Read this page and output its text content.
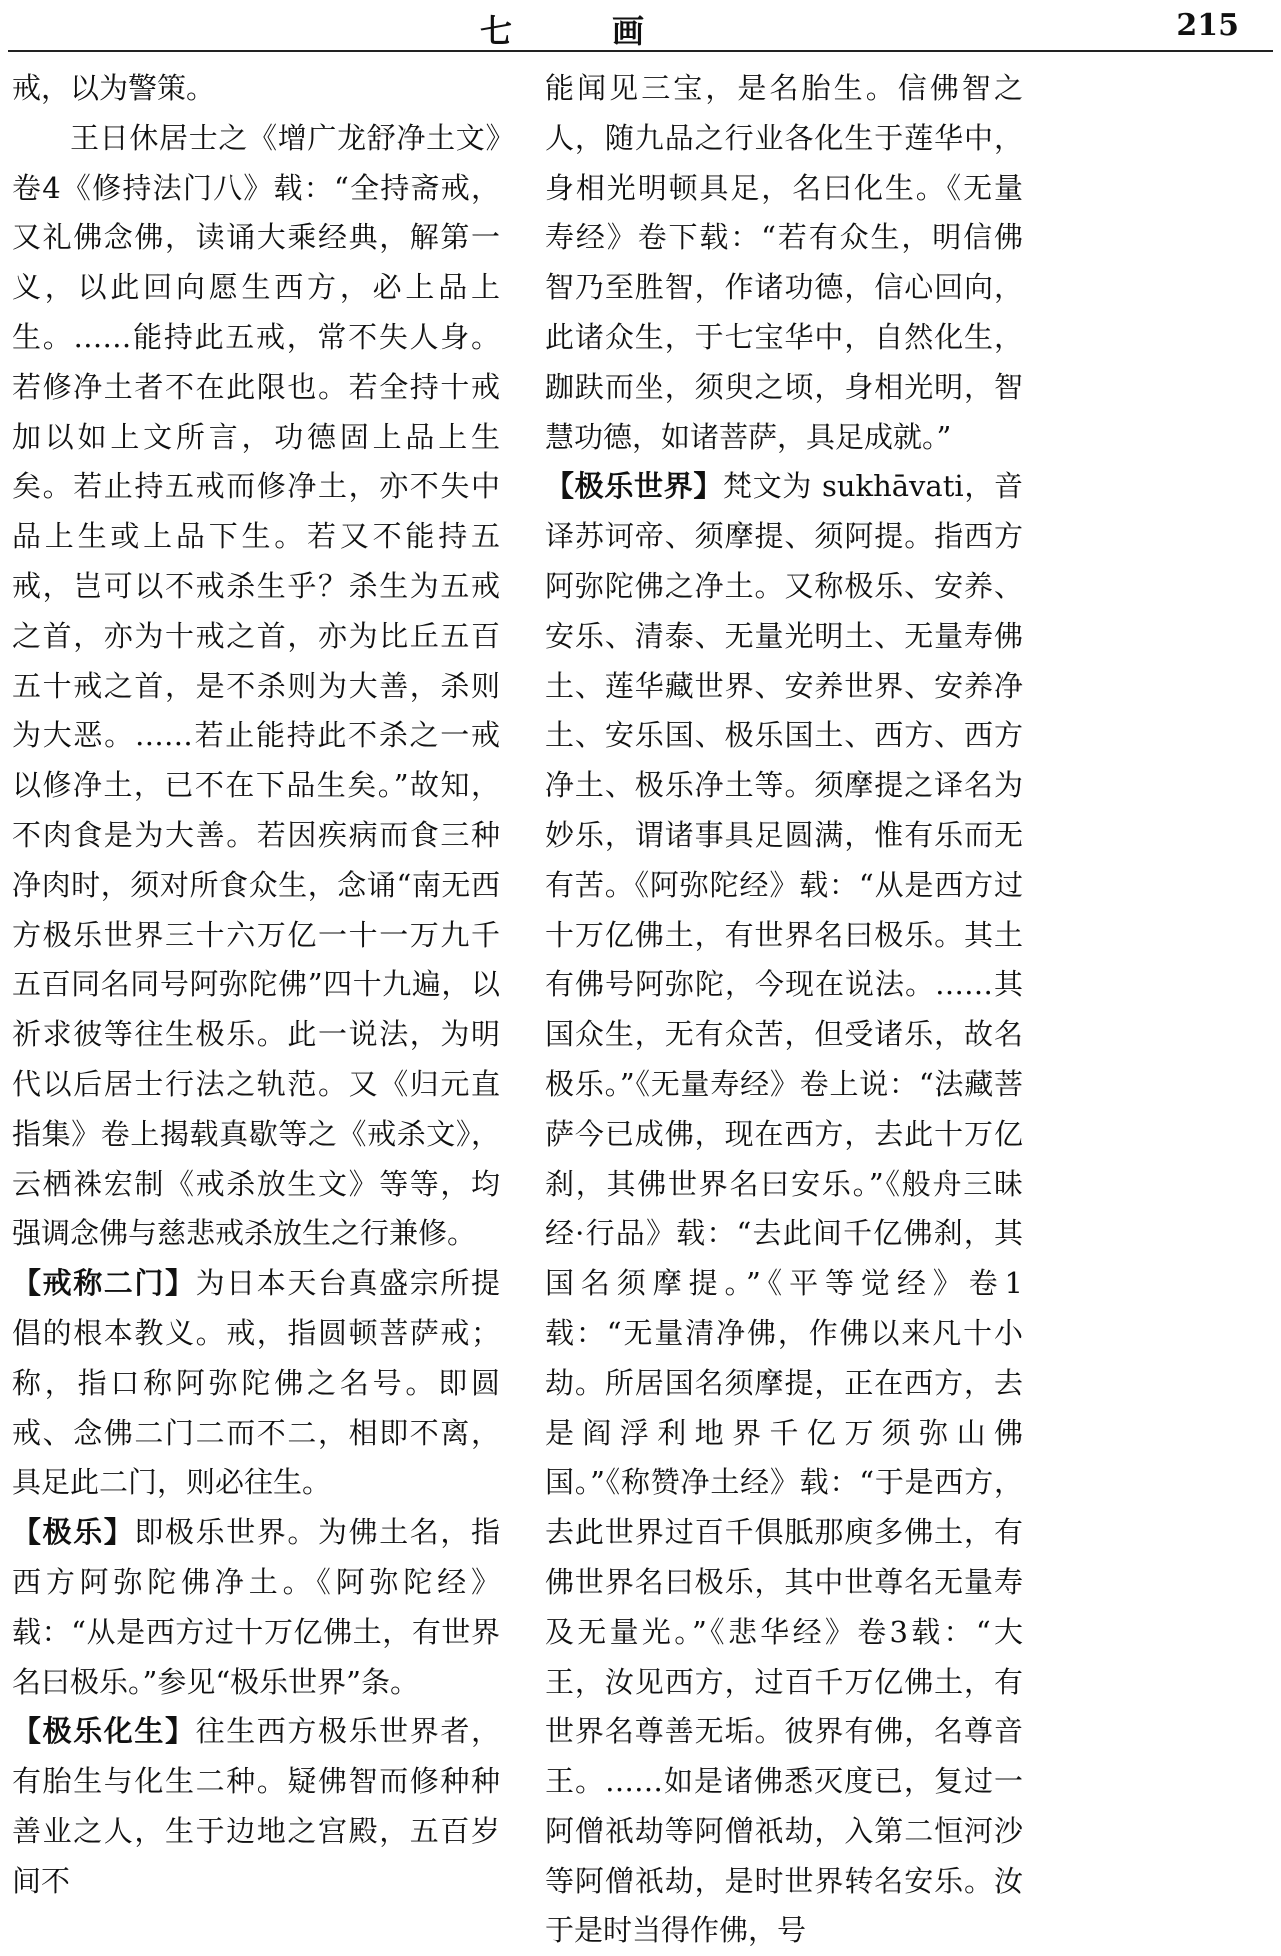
七　画	215

戒，以为警策。

王日休居士之《增广龙舒净土文》卷4《修持法门八》载：“全持斋戒，又礼佛念佛，读诵大乘经典，解第一义，以此回向愿生西方，必上品上生。……能持此五戒，常不失人身。若修净土者不在此限也。若全持十戒加以如上文所言，功德固上品上生矣。若止持五戒而修净土，亦不失中品上生或上品下生。若又不能持五戒，岂可以不戒杀生乎？杀生为五戒之首，亦为十戒之首，亦为比丘五百五十戒之首，是不杀则为大善，杀则为大恶。……若止能持此不杀之一戒以修净土，已不在下品生矣。”故知，不肉食是为大善。若因疾病而食三种净肉时，须对所食众生，念诵“南无西方极乐世界三十六万亿一十一万九千五百同名同号阿弥陀佛”四十九遍，以祈求彼等往生极乐。此一说法，为明代以后居士行法之轨范。又《归元直指集》卷上揭载真歇等之《戒杀文》，云栖袾宏制《戒杀放生文》等等，均强调念佛与慈悲戒杀放生之行兼修。

【戒称二门】为日本天台真盛宗所提倡的根本教义。戒，指圆顿菩萨戒；称，指口称阿弥陀佛之名号。即圆戒、念佛二门二而不二，相即不离，具足此二门，则必往生。

【极乐】即极乐世界。为佛土名，指西方阿弥陀佛净土。《阿弥陀经》载：“从是西方过十万亿佛土，有世界名曰极乐。”参见“极乐世界”条。

【极乐化生】往生西方极乐世界者，有胎生与化生二种。疑佛智而修种种善业之人，生于边地之宫殿，五百岁间不

能闻见三宝，是名胎生。信佛智之人，随九品之行业各化生于莲华中，身相光明顿具足，名曰化生。《无量寿经》卷下载：“若有众生，明信佛智乃至胜智，作诸功德，信心回向，此诸众生，于七宝华中，自然化生，跏趺而坐，须臾之顷，身相光明，智慧功德，如诸菩萨，具足成就。”

【极乐世界】梵文为 sukhāvati，音译苏诃帝、须摩提、须阿提。指西方阿弥陀佛之净土。又称极乐、安养、安乐、清泰、无量光明土、无量寿佛土、莲华藏世界、安养世界、安养净土、安乐国、极乐国土、西方、西方净土、极乐净土等。须摩提之译名为妙乐，谓诸事具足圆满，惟有乐而无有苦。《阿弥陀经》载：“从是西方过十万亿佛土，有世界名曰极乐。其土有佛号阿弥陀，今现在说法。……其国众生，无有众苦，但受诸乐，故名极乐。”《无量寿经》卷上说：“法藏菩萨今已成佛，现在西方，去此十万亿刹，其佛世界名曰安乐。”《般舟三昧经·行品》载：“去此间千亿佛刹，其国名须摩提。”《平等觉经》卷1载：“无量清净佛，作佛以来凡十小劫。所居国名须摩提，正在西方，去是阎浮利地界千亿万须弥山佛国。”《称赞净土经》载：“于是西方，去此世界过百千俱胝那庾多佛土，有佛世界名曰极乐，其中世尊名无量寿及无量光。”《悲华经》卷3载：“大王，汝见西方，过百千万亿佛土，有世界名尊善无垢。彼界有佛，名尊音王。……如是诸佛悉灭度已，复过一阿僧祇劫等阿僧祇劫，入第二恒河沙等阿僧祇劫，是时世界转名安乐。汝于是时当得作佛，号
